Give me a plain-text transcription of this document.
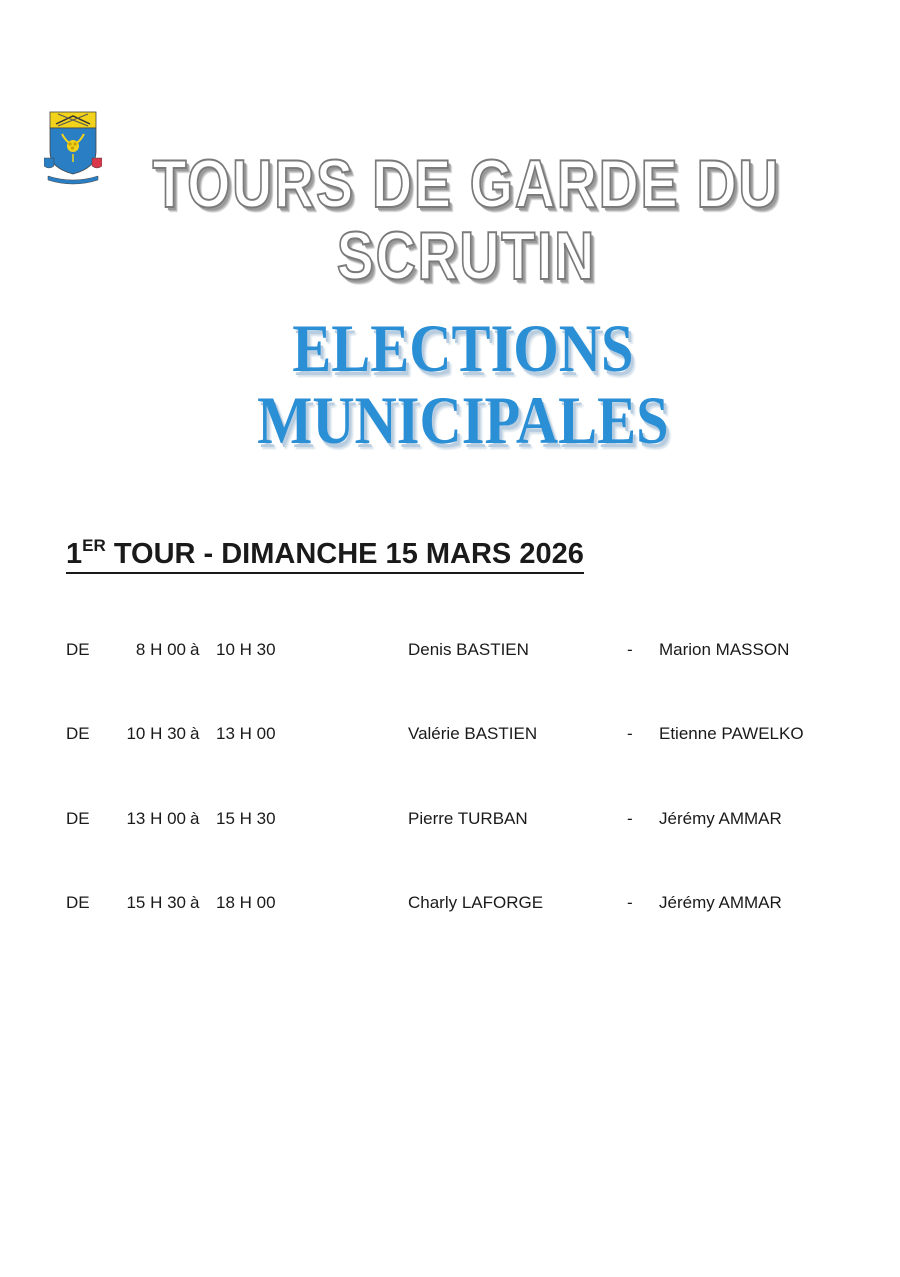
TOURS DE GARDE DU SCRUTIN
ELECTIONS MUNICIPALES
1ER TOUR - DIMANCHE 15 MARS 2026
DE	8 H 00 à 10 H 30	Denis BASTIEN	- Marion MASSON
DE	10 H 30 à 13 H 00	Valérie BASTIEN	- Etienne PAWELKO
DE	13 H 00 à 15 H 30	Pierre TURBAN	- Jérémy AMMAR
DE	15 H 30 à 18 H 00	Charly LAFORGE	- Jérémy AMMAR
